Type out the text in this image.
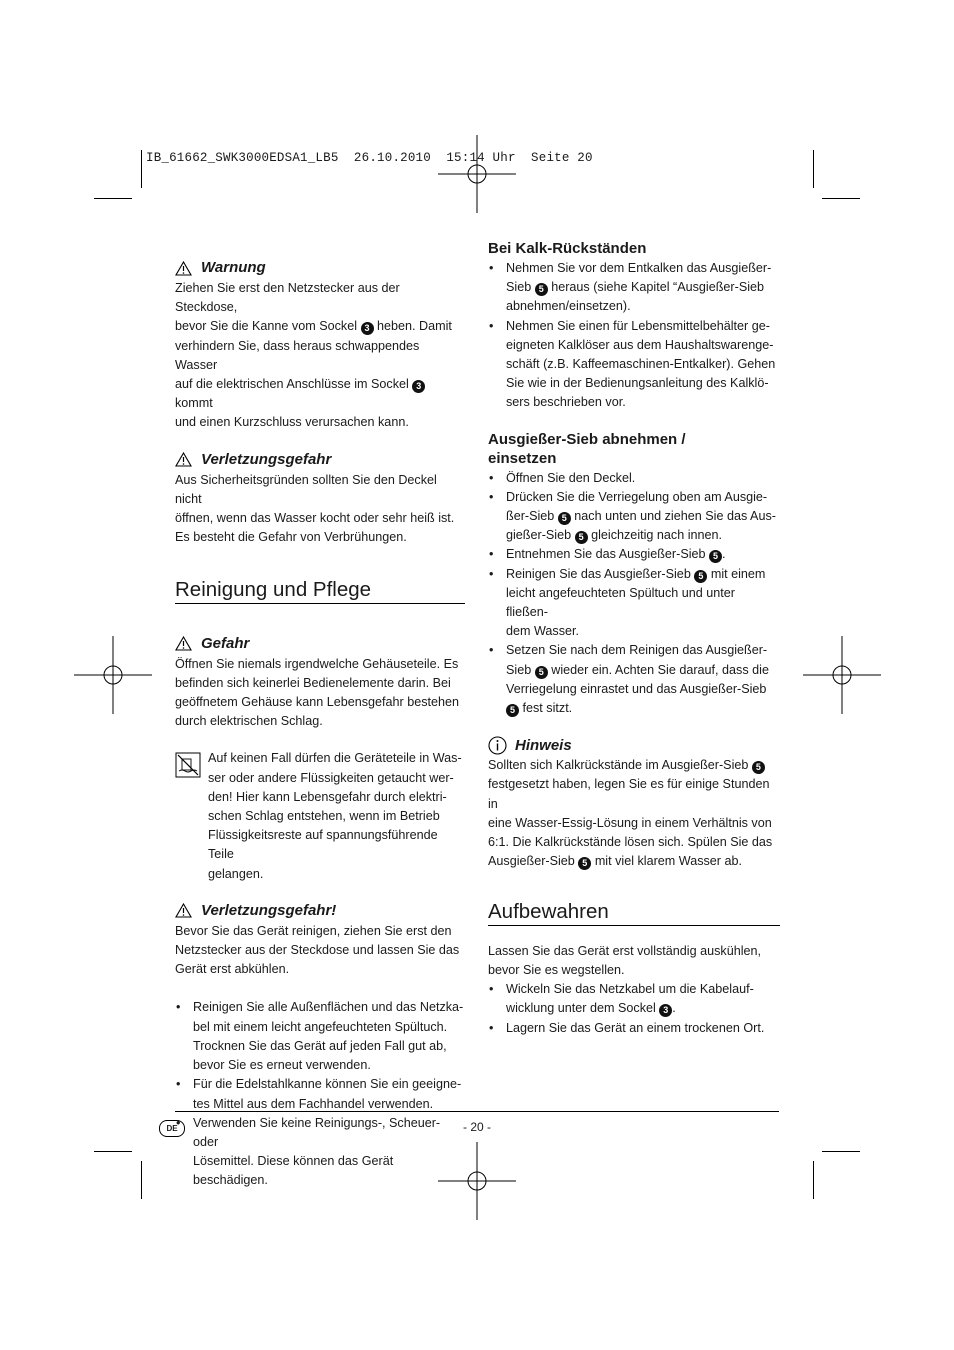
IB_61662_SWK3000EDSA1_LB5  26.10.2010  15:14 Uhr  Seite 20
Warnung

Ziehen Sie erst den Netzstecker aus der Steckdose,

bevor Sie die Kanne vom Sockel 3 heben. Damit

verhindern Sie, dass heraus schwappendes Wasser

auf die elektrischen Anschlüsse im Sockel 3 kommt

und einen Kurzschluss verursachen kann.

Verletzungsgefahr

Aus Sicherheitsgründen sollten Sie den Deckel nicht

öffnen, wenn das Wasser kocht oder sehr heiß ist.

Es besteht die Gefahr von Verbrühungen.

Reinigung und Pflege
Gefahr

Öffnen Sie niemals irgendwelche Gehäuseteile. Es

befinden sich keinerlei Bedienelemente darin. Bei

geöffnetem Gehäuse kann Lebensgefahr bestehen

durch elektrischen Schlag.

Auf keinen Fall dürfen die Geräteteile in Was-

ser oder andere Flüssigkeiten getaucht wer-

den! Hier kann Lebensgefahr durch elektri-

schen Schlag entstehen, wenn im Betrieb

Flüssigkeitsreste auf spannungsführende Teile

gelangen.

Verletzungsgefahr!

Bevor Sie das Gerät reinigen, ziehen Sie erst den

Netzstecker aus der Steckdose und lassen Sie das

Gerät erst abkühlen.

• Reinigen Sie alle Außenflächen und das Netzka-

bel mit einem leicht angefeuchteten Spültuch.

Trocknen Sie das Gerät auf jeden Fall gut ab,

bevor Sie es erneut verwenden.

• Für die Edelstahlkanne können Sie ein geeigne-

tes Mittel aus dem Fachhandel verwenden.

• Verwenden Sie keine Reinigungs-, Scheuer- oder

Lösemittel. Diese können das Gerät

beschädigen.

Bei Kalk-Rückständen

• Nehmen Sie vor dem Entkalken das Ausgießer-

Sieb 5 heraus (siehe Kapitel “Ausgießer-Sieb

abnehmen/einsetzen).

• Nehmen Sie einen für Lebensmittelbehälter ge-

eigneten Kalklöser aus dem Haushaltswarenge-

schäft (z.B. Kaffeemaschinen-Entkalker). Gehen

Sie wie in der Bedienungsanleitung des Kalklö-

sers beschrieben vor.

Ausgießer-Sieb abnehmen /
einsetzen

• Öffnen Sie den Deckel.

• Drücken Sie die Verriegelung oben am Ausgie-

ßer-Sieb 5 nach unten und ziehen Sie das Aus-

gießer-Sieb 5 gleichzeitig nach innen.

• Entnehmen Sie das Ausgießer-Sieb 5 .

• Reinigen Sie das Ausgießer-Sieb 5 mit einem

leicht angefeuchteten Spültuch und unter fließen-

dem Wasser.

• Setzen Sie nach dem Reinigen das Ausgießer-

Sieb 5 wieder ein. Achten Sie darauf, dass die

Verriegelung einrastet und das Ausgießer-Sieb

5 fest sitzt.

Hinweis

Sollten sich Kalkrückstände im Ausgießer-Sieb 5

festgesetzt haben, legen Sie es für einige Stunden in

eine Wasser-Essig-Lösung in einem Verhältnis von

6:1. Die Kalkrückstände lösen sich. Spülen Sie das

Ausgießer-Sieb 5 mit viel klarem Wasser ab.

Aufbewahren

Lassen Sie das Gerät erst vollständig auskühlen,

bevor Sie es wegstellen.

• Wickeln Sie das Netzkabel um die Kabelauf-

wicklung unter dem Sockel 3 .

• Lagern Sie das Gerät an einem trockenen Ort.

DE	- 20 -
